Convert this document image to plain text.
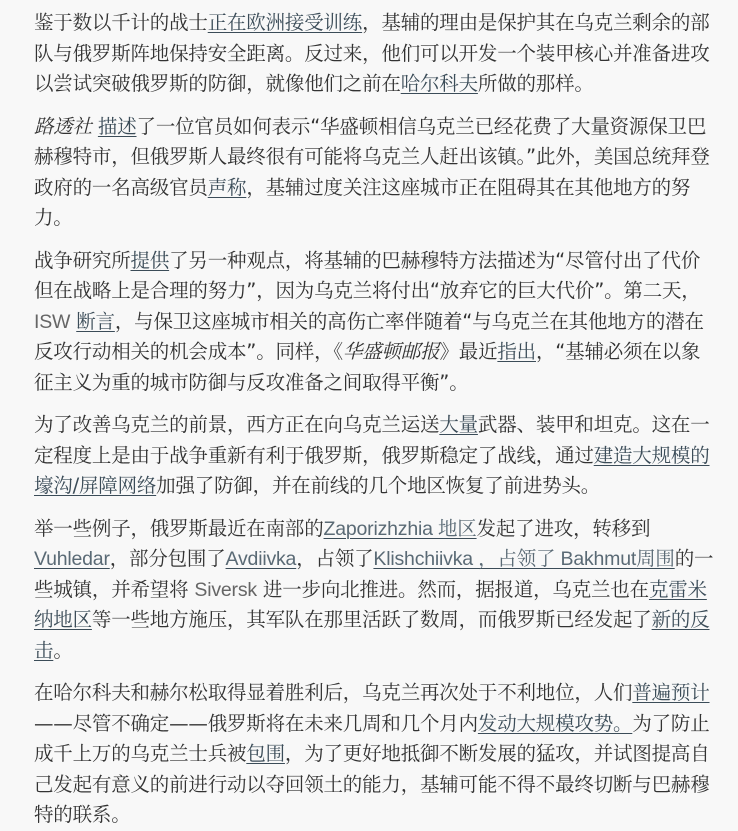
鉴于数以千计的战士正在欧洲接受训练，基辅的理由是保护其在乌克兰剩余的部队与俄罗斯阵地保持安全距离。反过来，他们可以开发一个装甲核心并准备进攻以尝试突破俄罗斯的防御，就像他们之前在哈尔科夫所做的那样。

路透社 描述了一位官员如何表示“华盛顿相信乌克兰已经花费了大量资源保卫巴赫穆特市，但俄罗斯人最终很有可能将乌克兰人赶出该镇。”此外，美国总统拜登政府的一名高级官员声称，基辅过度关注这座城市正在阻碍其在其他地方的努力。

战争研究所提供了另一种观点，将基辅的巴赫穆特方法描述为“尽管付出了代价但在战略上是合理的努力”，因为乌克兰将付出“放弃它的巨大代价”。第二天，ISW 断言，与保卫这座城市相关的高伤亡率伴随着“与乌克兰在其他地方的潜在反攻行动相关的机会成本”。同样，《华盛顿邮报》最近指出，“基辅必须在以象征主义为重的城市防御与反攻准备之间取得平衡”。

为了改善乌克兰的前景，西方正在向乌克兰运送大量武器、装甲和坦克。这在一定程度上是由于战争重新有利于俄罗斯，俄罗斯稳定了战线，通过建造大规模的壕沟/屏障网络加强了防御，并在前线的几个地区恢复了前进势头。

举一些例子，俄罗斯最近在南部的Zaporizhzhia 地区发起了进攻，转移到 Vuhledar，部分包围了Avdiivka，占领了Klishchiivka ，占领了 Bakhmut周围的一些城镇，并希望将 Siversk 进一步向北推进。然而，据报道，乌克兰也在克雷米纳地区等一些地方施压，其军队在那里活跃了数周，而俄罗斯已经发起了新的反击。

在哈尔科夫和赫尔松取得显着胜利后，乌克兰再次处于不利地位，人们普遍预计——尽管不确定——俄罗斯将在未来几周和几个月内发动大规模攻势。为了防止成千上万的乌克兰士兵被包围，为了更好地抵御不断发展的猛攻，并试图提高自己发起有意义的前进行动以夺回领土的能力，基辅可能不得不最终切断与巴赫穆特的联系。
